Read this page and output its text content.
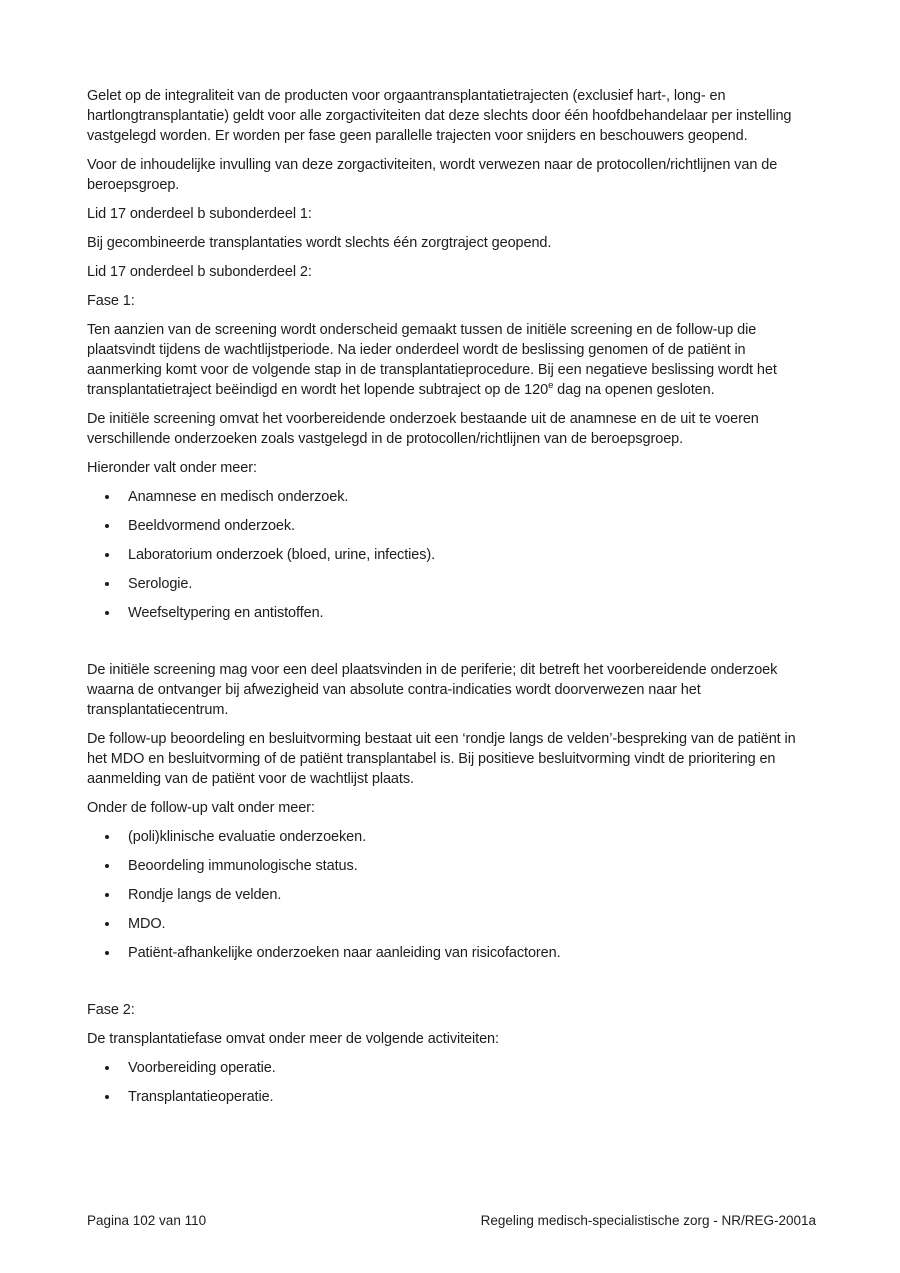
Gelet op de integraliteit van de producten voor orgaantransplantatietrajecten (exclusief hart-, long- en hartlongtransplantatie) geldt voor alle zorgactiviteiten dat deze slechts door één hoofdbehandelaar per instelling vastgelegd worden. Er worden per fase geen parallelle trajecten voor snijders en beschouwers geopend.

Voor de inhoudelijke invulling van deze zorgactiviteiten, wordt verwezen naar de protocollen/richtlijnen van de beroepsgroep.

Lid 17 onderdeel b subonderdeel 1:

Bij gecombineerde transplantaties wordt slechts één zorgtraject geopend.

Lid 17 onderdeel b subonderdeel 2:

Fase 1:

Ten aanzien van de screening wordt onderscheid gemaakt tussen de initiële screening en de follow-up die plaatsvindt tijdens de wachtlijstperiode. Na ieder onderdeel wordt de beslissing genomen of de patiënt in aanmerking komt voor de volgende stap in de transplantatieprocedure. Bij een negatieve beslissing wordt het transplantatietraject beëindigd en wordt het lopende subtraject op de 120e dag na openen gesloten.

De initiële screening omvat het voorbereidende onderzoek bestaande uit de anamnese en de uit te voeren verschillende onderzoeken zoals vastgelegd in de protocollen/richtlijnen van de beroepsgroep.

Hieronder valt onder meer:

Anamnese en medisch onderzoek.
Beeldvormend onderzoek.
Laboratorium onderzoek (bloed, urine, infecties).
Serologie.
Weefseltypering en antistoffen.

De initiële screening mag voor een deel plaatsvinden in de periferie; dit betreft het voorbereidende onderzoek waarna de ontvanger bij afwezigheid van absolute contra-indicaties wordt doorverwezen naar het transplantatiecentrum.

De follow-up beoordeling en besluitvorming bestaat uit een ‘rondje langs de velden’-bespreking van de patiënt in het MDO en besluitvorming of de patiënt transplantabel is. Bij positieve besluitvorming vindt de prioritering en aanmelding van de patiënt voor de wachtlijst plaats.

Onder de follow-up valt onder meer:

(poli)klinische evaluatie onderzoeken.
Beoordeling immunologische status.
Rondje langs de velden.
MDO.
Patiënt-afhankelijke onderzoeken naar aanleiding van risicofactoren.

Fase 2:

De transplantatiefase omvat onder meer de volgende activiteiten:

Voorbereiding operatie.
Transplantatieoperatie.
Pagina 102 van 110	Regeling medisch-specialistische zorg - NR/REG-2001a
